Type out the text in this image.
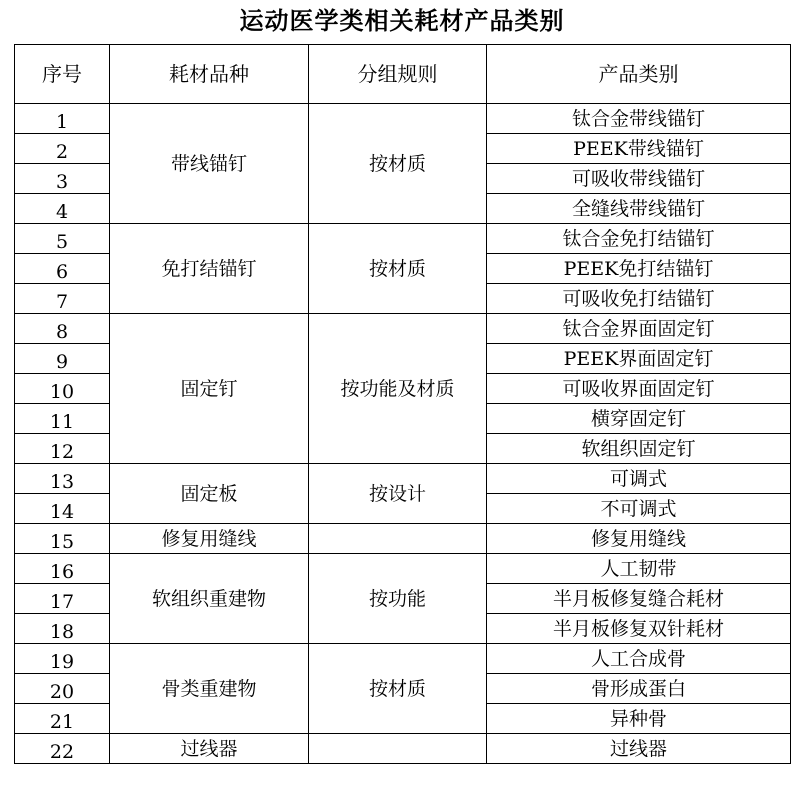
运动医学类相关耗材产品类别
序号	耗材品种	分组规则	产品类别
1	带线锚钉	按材质	钛合金带线锚钉
2			PEEK带线锚钉
3			可吸收带线锚钉
4			全缝线带线锚钉
5	免打结锚钉	按材质	钛合金免打结锚钉
6			PEEK免打结锚钉
7			可吸收免打结锚钉
8	固定钉	按功能及材质	钛合金界面固定钉
9			PEEK界面固定钉
10			可吸收界面固定钉
11			横穿固定钉
12			软组织固定钉
13	固定板	按设计	可调式
14			不可调式
15	修复用缝线		修复用缝线
16	软组织重建物	按功能	人工韧带
17			半月板修复缝合耗材
18			半月板修复双针耗材
19	骨类重建物	按材质	人工合成骨
20			骨形成蛋白
21			异种骨
22	过线器		过线器
